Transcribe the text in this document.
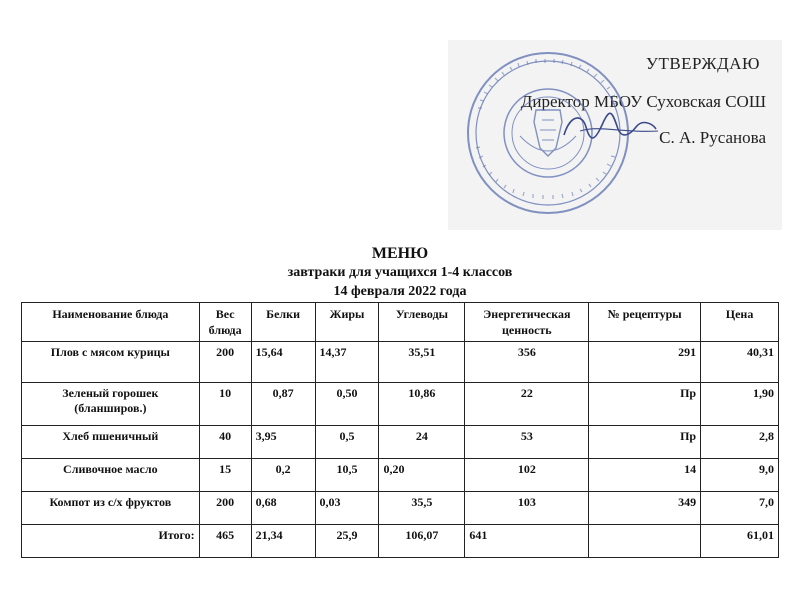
УТВЕРЖДАЮ
Директор МБОУ Суховская СОШ
С. А. Русанова
МЕНЮ
завтраки для учащихся 1-4 классов
14 февраля 2022 года
Наименование блюда	Вес блюда	Белки	Жиры	Углеводы	Энергетическая ценность	№ рецептуры	Цена
Плов с мясом курицы	200	15,64	14,37	35,51	356	291	40,31
Зеленый горошек (бланширов.)	10	0,87	0,50	10,86	22	Пр	1,90
Хлеб пшеничный	40	3,95	0,5	24	53	Пр	2,8
Сливочное масло	15	0,2	10,5	0,20	102	14	9,0
Компот из с/х фруктов	200	0,68	0,03	35,5	103	349	7,0
Итого:	465	21,34	25,9	106,07	641		61,01
